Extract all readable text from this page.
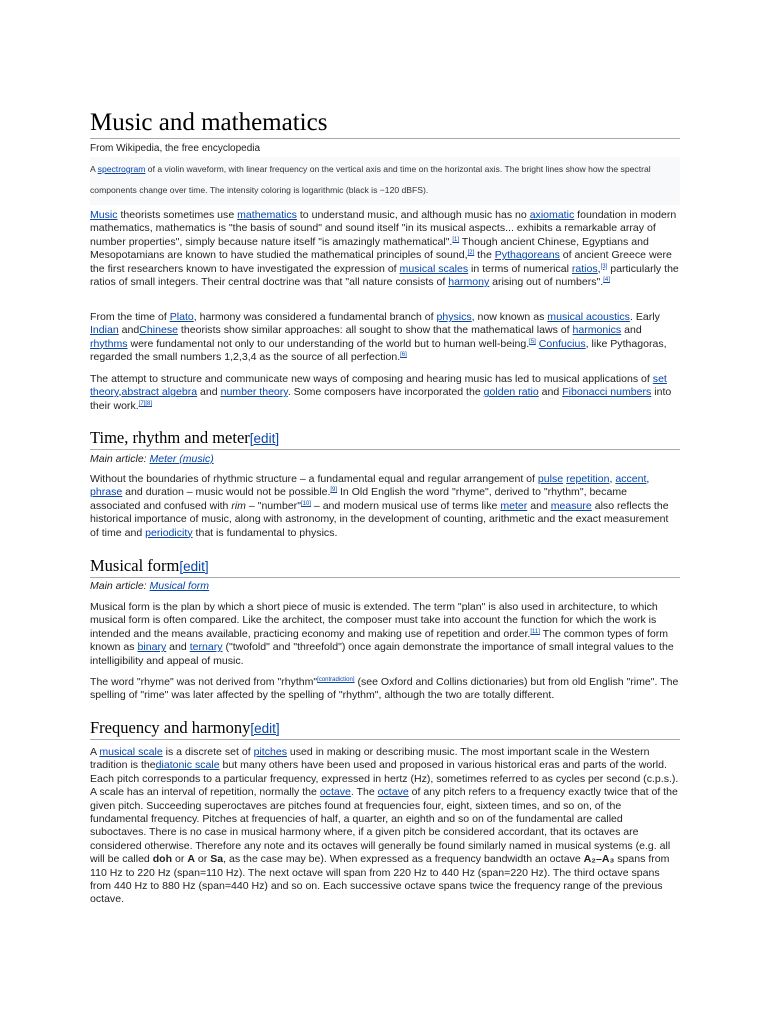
Music and mathematics
From Wikipedia, the free encyclopedia
A spectrogram of a violin waveform, with linear frequency on the vertical axis and time on the horizontal axis. The bright lines show how the spectral components change over time. The intensity coloring is logarithmic (black is −120 dBFS).
Music theorists sometimes use mathematics to understand music, and although music has no axiomatic foundation in modern mathematics, mathematics is "the basis of sound" and sound itself "in its musical aspects... exhibits a remarkable array of number properties", simply because nature itself "is amazingly mathematical".[1] Though ancient Chinese, Egyptians and Mesopotamians are known to have studied the mathematical principles of sound,[2] the Pythagoreans of ancient Greece were the first researchers known to have investigated the expression of musical scales in terms of numerical ratios,[3] particularly the ratios of small integers. Their central doctrine was that "all nature consists of harmony arising out of numbers".[4]
From the time of Plato, harmony was considered a fundamental branch of physics, now known as musical acoustics. Early Indian andChinese theorists show similar approaches: all sought to show that the mathematical laws of harmonics and rhythms were fundamental not only to our understanding of the world but to human well-being.[5] Confucius, like Pythagoras, regarded the small numbers 1,2,3,4 as the source of all perfection.[6]
The attempt to structure and communicate new ways of composing and hearing music has led to musical applications of set theory,abstract algebra and number theory. Some composers have incorporated the golden ratio and Fibonacci numbers into their work.[7][8]
Time, rhythm and meter[edit]
Main article: Meter (music)
Without the boundaries of rhythmic structure – a fundamental equal and regular arrangement of pulse repetition, accent, phrase and duration – music would not be possible.[9] In Old English the word "rhyme", derived to "rhythm", became associated and confused with rim – "number"[10] – and modern musical use of terms like meter and measure also reflects the historical importance of music, along with astronomy, in the development of counting, arithmetic and the exact measurement of time and periodicity that is fundamental to physics.
Musical form[edit]
Main article: Musical form
Musical form is the plan by which a short piece of music is extended. The term "plan" is also used in architecture, to which musical form is often compared. Like the architect, the composer must take into account the function for which the work is intended and the means available, practicing economy and making use of repetition and order.[11] The common types of form known as binary and ternary ("twofold" and "threefold") once again demonstrate the importance of small integral values to the intelligibility and appeal of music.
The word "rhyme" was not derived from "rhythm"[contradiction] (see Oxford and Collins dictionaries) but from old English "rime". The spelling of "rime" was later affected by the spelling of "rhythm", although the two are totally different.
Frequency and harmony[edit]
A musical scale is a discrete set of pitches used in making or describing music. The most important scale in the Western tradition is thediatonic scale but many others have been used and proposed in various historical eras and parts of the world. Each pitch corresponds to a particular frequency, expressed in hertz (Hz), sometimes referred to as cycles per second (c.p.s.). A scale has an interval of repetition, normally the octave. The octave of any pitch refers to a frequency exactly twice that of the given pitch. Succeeding superoctaves are pitches found at frequencies four, eight, sixteen times, and so on, of the fundamental frequency. Pitches at frequencies of half, a quarter, an eighth and so on of the fundamental are called suboctaves. There is no case in musical harmony where, if a given pitch be considered accordant, that its octaves are considered otherwise. Therefore any note and its octaves will generally be found similarly named in musical systems (e.g. all will be called doh or A or Sa, as the case may be). When expressed as a frequency bandwidth an octave A₂–A₃ spans from 110 Hz to 220 Hz (span=110 Hz). The next octave will span from 220 Hz to 440 Hz (span=220 Hz). The third octave spans from 440 Hz to 880 Hz (span=440 Hz) and so on. Each successive octave spans twice the frequency range of the previous octave.
